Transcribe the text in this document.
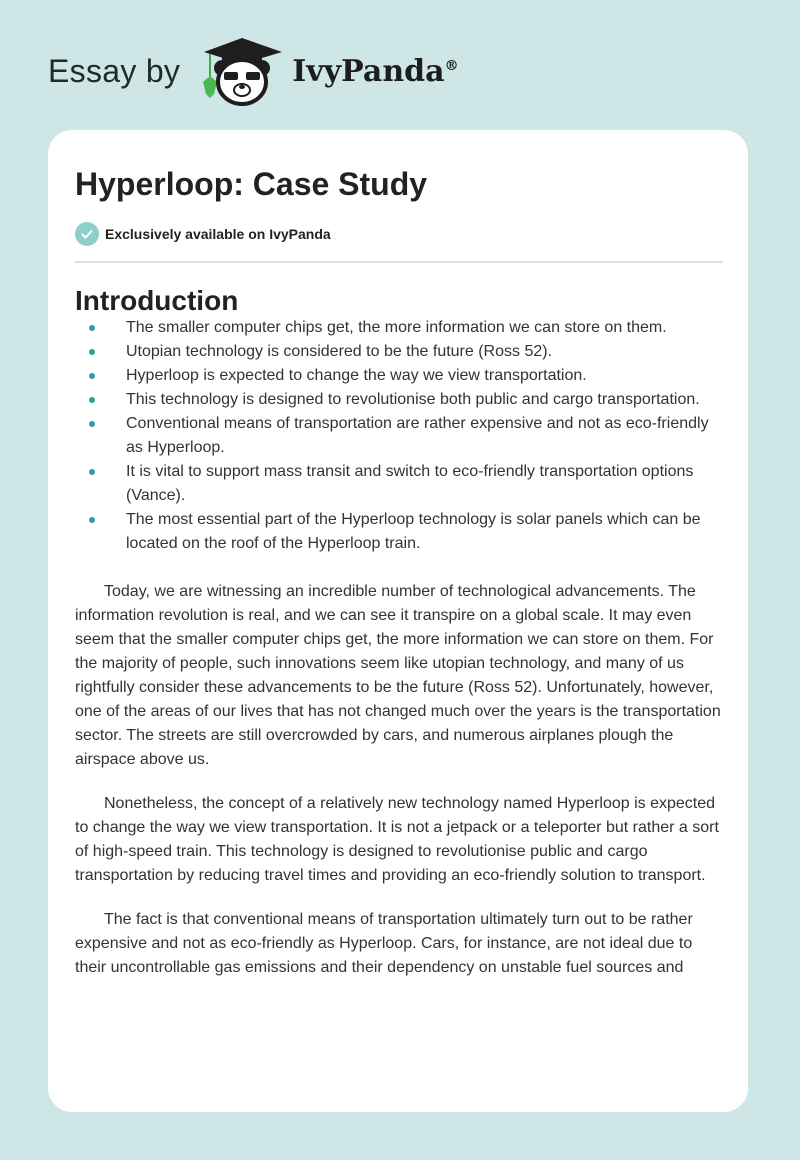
Essay by	IvyPanda®
Hyperloop: Case Study
Exclusively available on IvyPanda
Introduction
The smaller computer chips get, the more information we can store on them.
Utopian technology is considered to be the future (Ross 52).
Hyperloop is expected to change the way we view transportation.
This technology is designed to revolutionise both public and cargo transportation.
Conventional means of transportation are rather expensive and not as eco-friendly as Hyperloop.
It is vital to support mass transit and switch to eco-friendly transportation options (Vance).
The most essential part of the Hyperloop technology is solar panels which can be located on the roof of the Hyperloop train.

Today, we are witnessing an incredible number of technological advancements. The information revolution is real, and we can see it transpire on a global scale. It may even seem that the smaller computer chips get, the more information we can store on them. For the majority of people, such innovations seem like utopian technology, and many of us rightfully consider these advancements to be the future (Ross 52). Unfortunately, however, one of the areas of our lives that has not changed much over the years is the transportation sector. The streets are still overcrowded by cars, and numerous airplanes plough the airspace above us.

Nonetheless, the concept of a relatively new technology named Hyperloop is expected to change the way we view transportation. It is not a jetpack or a teleporter but rather a sort of high-speed train. This technology is designed to revolutionise public and cargo transportation by reducing travel times and providing an eco-friendly solution to transport.

The fact is that conventional means of transportation ultimately turn out to be rather expensive and not as eco-friendly as Hyperloop. Cars, for instance, are not ideal due to their uncontrollable gas emissions and their dependency on unstable fuel sources and
